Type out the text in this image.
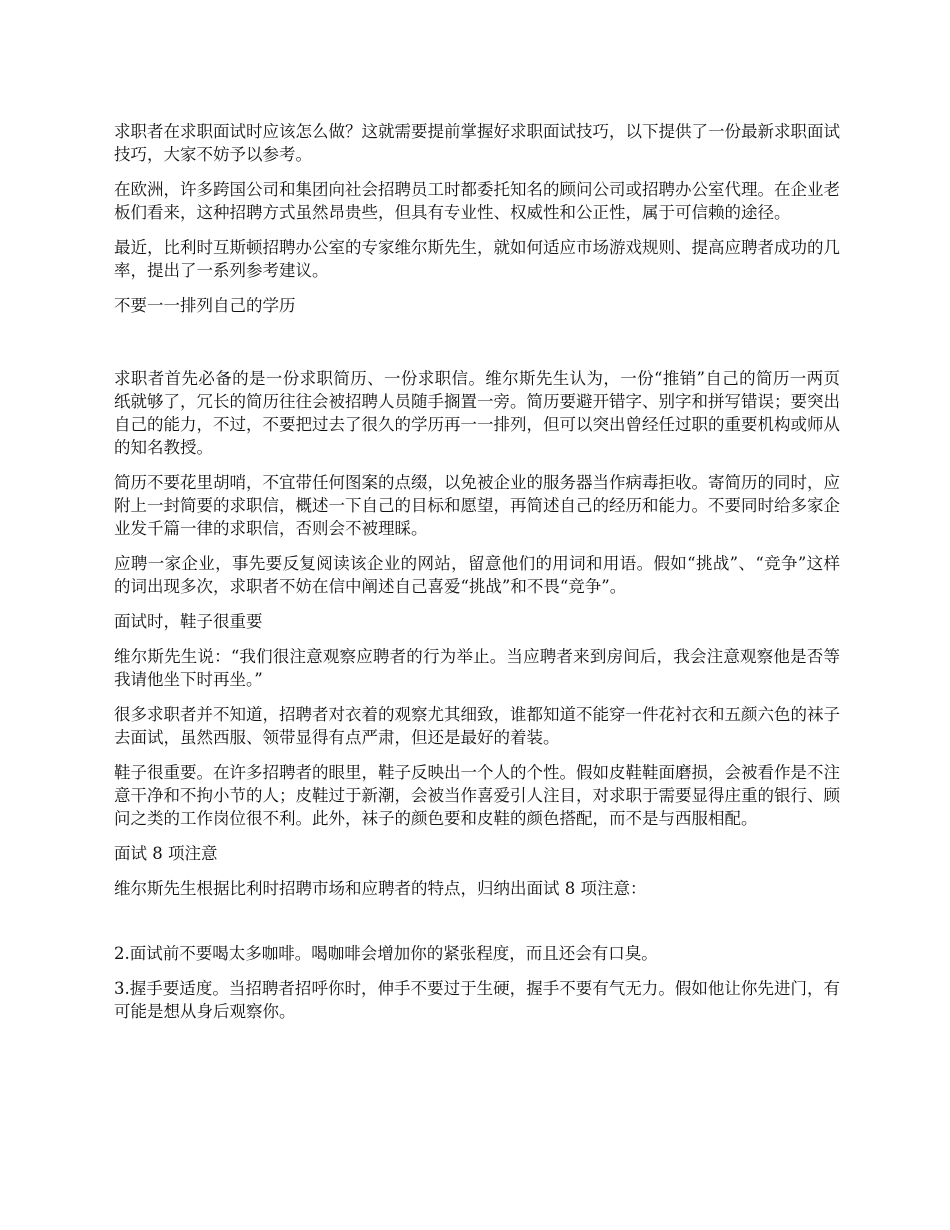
求职者在求职面试时应该怎么做？这就需要提前掌握好求职面试技巧，以下提供了一份最新求职面试技巧，大家不妨予以参考。

在欧洲，许多跨国公司和集团向社会招聘员工时都委托知名的顾问公司或招聘办公室代理。在企业老板们看来，这种招聘方式虽然昂贵些，但具有专业性、权威性和公正性，属于可信赖的途径。

最近，比利时互斯顿招聘办公室的专家维尔斯先生，就如何适应市场游戏规则、提高应聘者成功的几率，提出了一系列参考建议。

不要一一排列自己的学历

求职者首先必备的是一份求职简历、一份求职信。维尔斯先生认为，一份“推销”自己的简历一两页纸就够了，冗长的简历往往会被招聘人员随手搁置一旁。简历要避开错字、别字和拼写错误；要突出自己的能力，不过，不要把过去了很久的学历再一一排列，但可以突出曾经任过职的重要机构或师从的知名教授。

简历不要花里胡哨，不宜带任何图案的点缀，以免被企业的服务器当作病毒拒收。寄简历的同时，应附上一封简要的求职信，概述一下自己的目标和愿望，再简述自己的经历和能力。不要同时给多家企业发千篇一律的求职信，否则会不被理睬。

应聘一家企业，事先要反复阅读该企业的网站，留意他们的用词和用语。假如“挑战”、“竞争”这样的词出现多次，求职者不妨在信中阐述自己喜爱“挑战”和不畏“竞争”。

面试时，鞋子很重要

维尔斯先生说：“我们很注意观察应聘者的行为举止。当应聘者来到房间后，我会注意观察他是否等我请他坐下时再坐。”

很多求职者并不知道，招聘者对衣着的观察尤其细致，谁都知道不能穿一件花衬衣和五颜六色的袜子去面试，虽然西服、领带显得有点严肃，但还是最好的着装。

鞋子很重要。在许多招聘者的眼里，鞋子反映出一个人的个性。假如皮鞋鞋面磨损，会被看作是不注意干净和不拘小节的人；皮鞋过于新潮，会被当作喜爱引人注目，对求职于需要显得庄重的银行、顾问之类的工作岗位很不利。此外，袜子的颜色要和皮鞋的颜色搭配，而不是与西服相配。

面试 8 项注意

维尔斯先生根据比利时招聘市场和应聘者的特点，归纳出面试 8 项注意：

2.面试前不要喝太多咖啡。喝咖啡会增加你的紧张程度，而且还会有口臭。

3.握手要适度。当招聘者招呼你时，伸手不要过于生硬，握手不要有气无力。假如他让你先进门，有可能是想从身后观察你。
